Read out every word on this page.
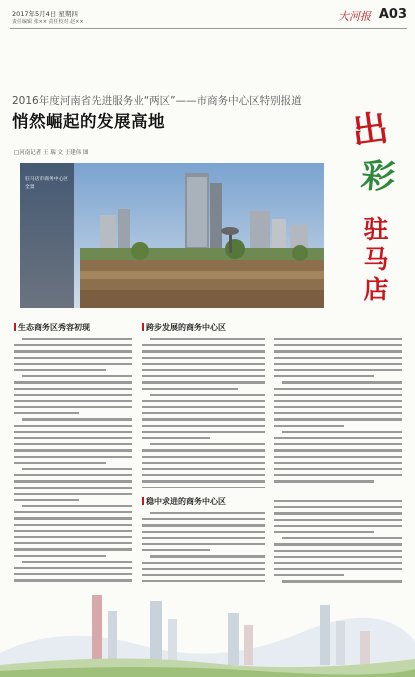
2017年5月4日 星期四
责任编辑 张×× 责任校对 赵××	大河报 A03
2016年度河南省先进服务业“两区”——市商务中心区特别报道
悄然崛起的发展高地
□河南记者 王 瑞 文 王建伟 图
驻马店市商务中心区全景
出
彩
驻马店
生态商务区秀容初现	跨步发展的商务中心区
稳中求进的商务中心区
